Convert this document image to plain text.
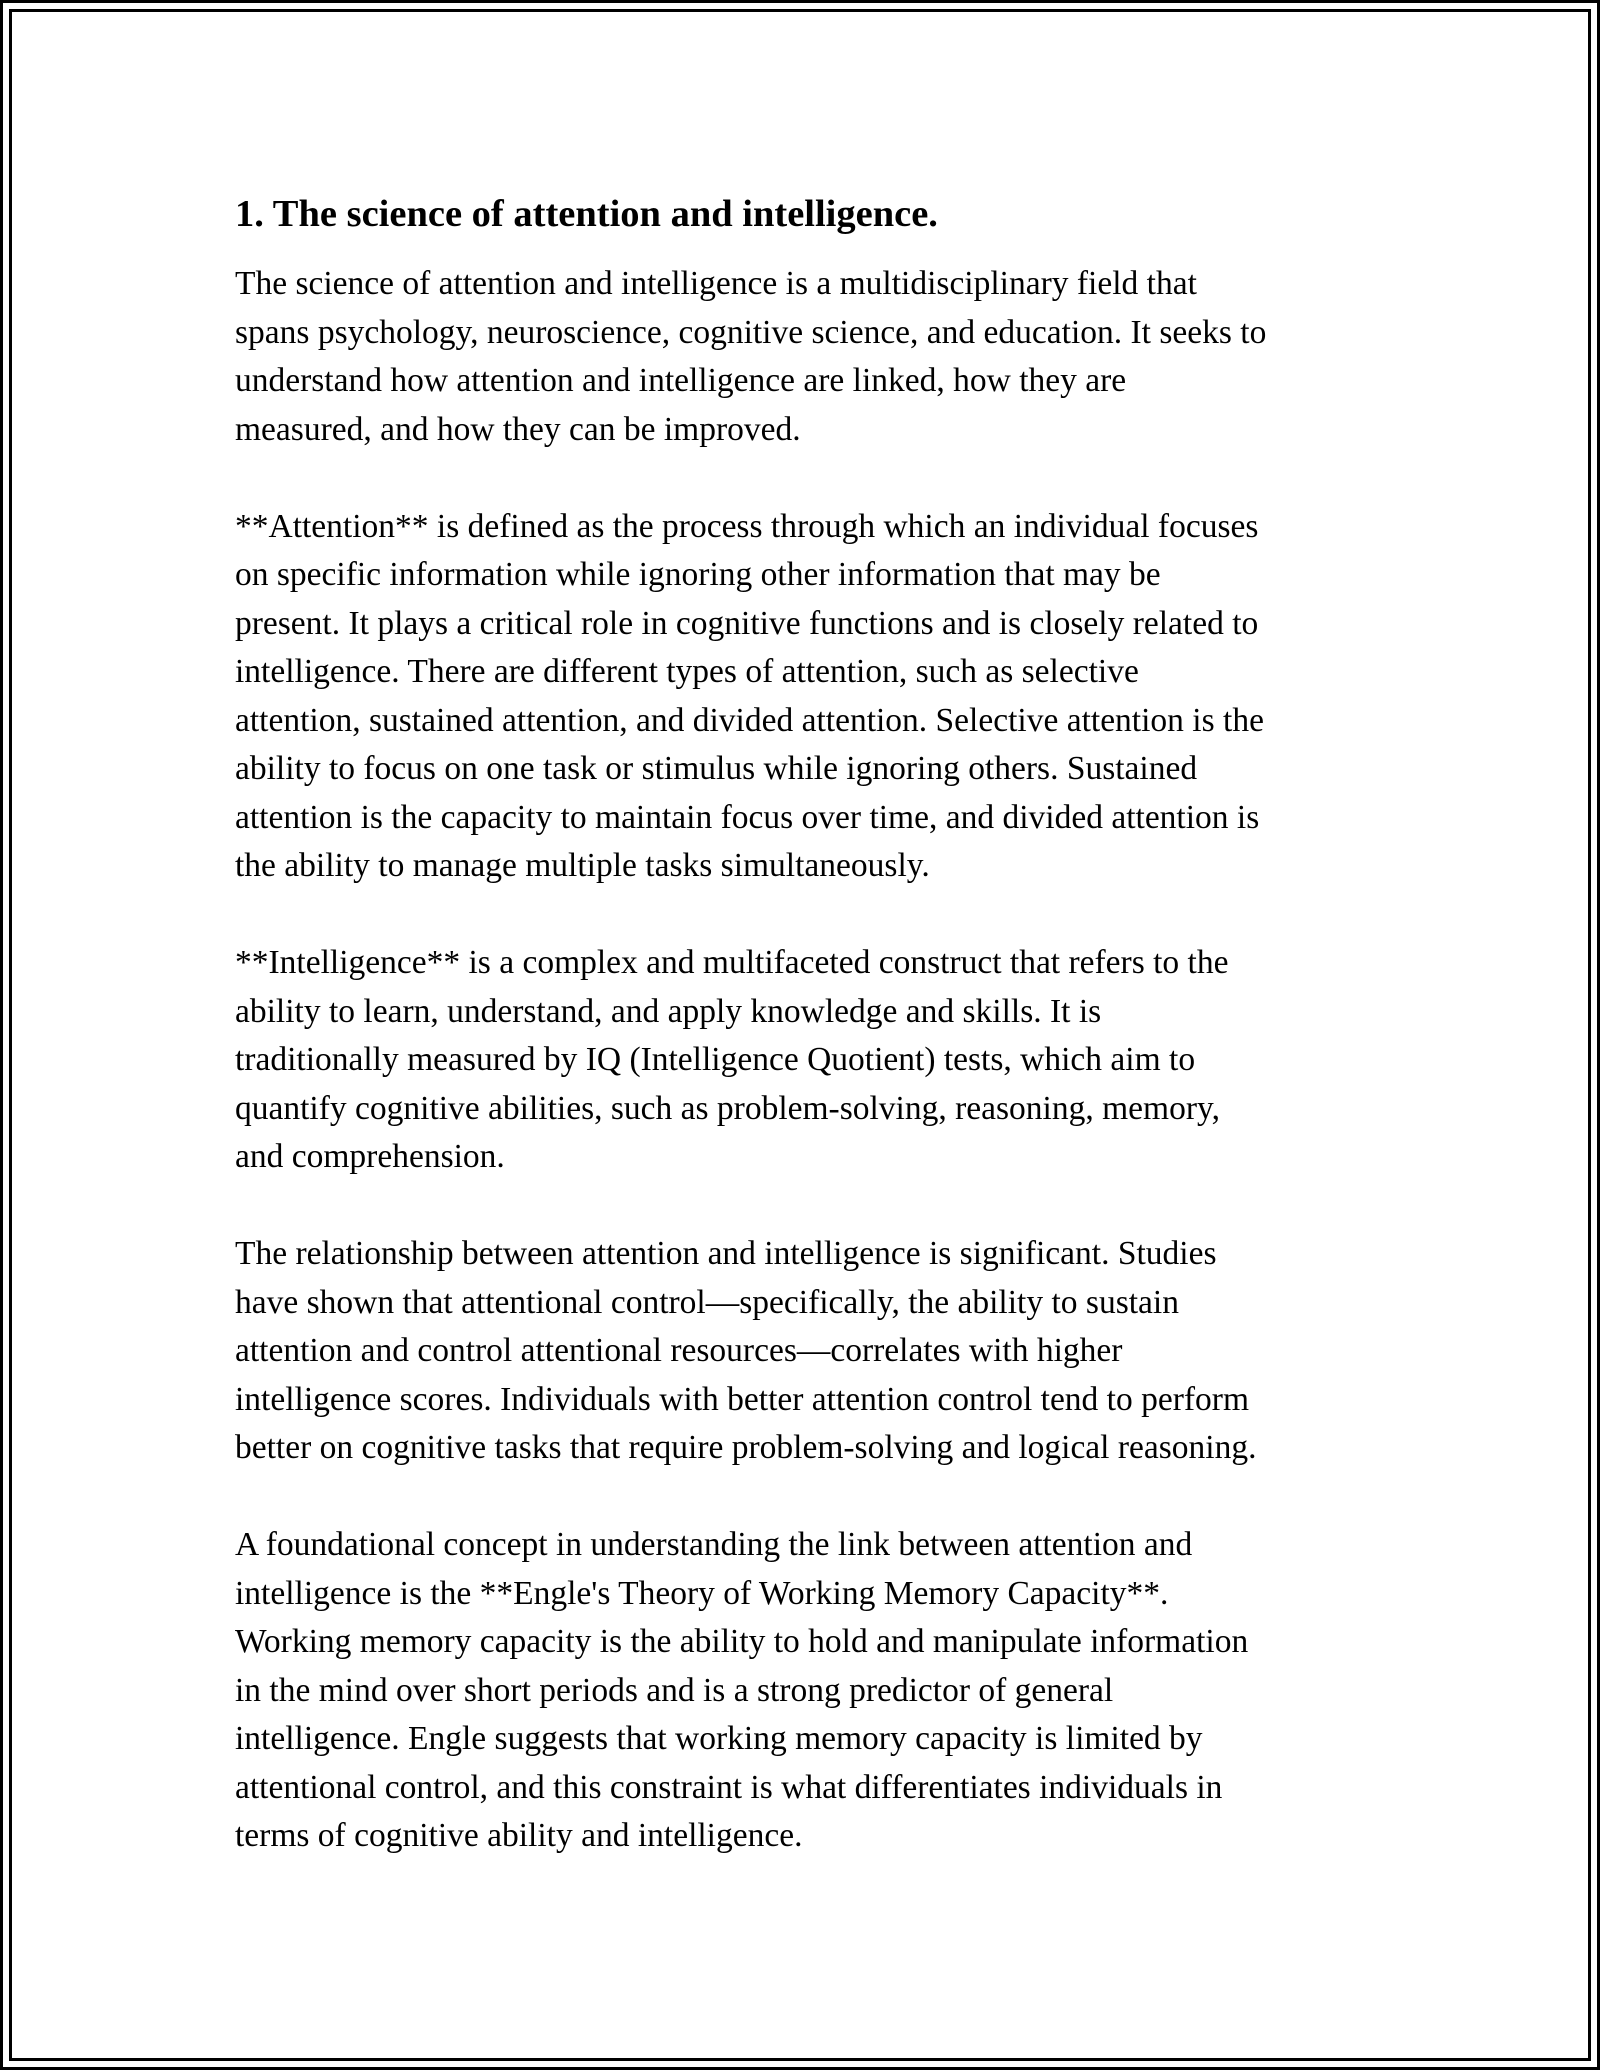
1. The science of attention and intelligence.

The science of attention and intelligence is a multidisciplinary field that
spans psychology, neuroscience, cognitive science, and education. It seeks to
understand how attention and intelligence are linked, how they are
measured, and how they can be improved.

**Attention** is defined as the process through which an individual focuses
on specific information while ignoring other information that may be
present. It plays a critical role in cognitive functions and is closely related to
intelligence. There are different types of attention, such as selective
attention, sustained attention, and divided attention. Selective attention is the
ability to focus on one task or stimulus while ignoring others. Sustained
attention is the capacity to maintain focus over time, and divided attention is
the ability to manage multiple tasks simultaneously.

**Intelligence** is a complex and multifaceted construct that refers to the
ability to learn, understand, and apply knowledge and skills. It is
traditionally measured by IQ (Intelligence Quotient) tests, which aim to
quantify cognitive abilities, such as problem-solving, reasoning, memory,
and comprehension.

The relationship between attention and intelligence is significant. Studies
have shown that attentional control—specifically, the ability to sustain
attention and control attentional resources—correlates with higher
intelligence scores. Individuals with better attention control tend to perform
better on cognitive tasks that require problem-solving and logical reasoning.

A foundational concept in understanding the link between attention and
intelligence is the **Engle's Theory of Working Memory Capacity**.
Working memory capacity is the ability to hold and manipulate information
in the mind over short periods and is a strong predictor of general
intelligence. Engle suggests that working memory capacity is limited by
attentional control, and this constraint is what differentiates individuals in
terms of cognitive ability and intelligence.
